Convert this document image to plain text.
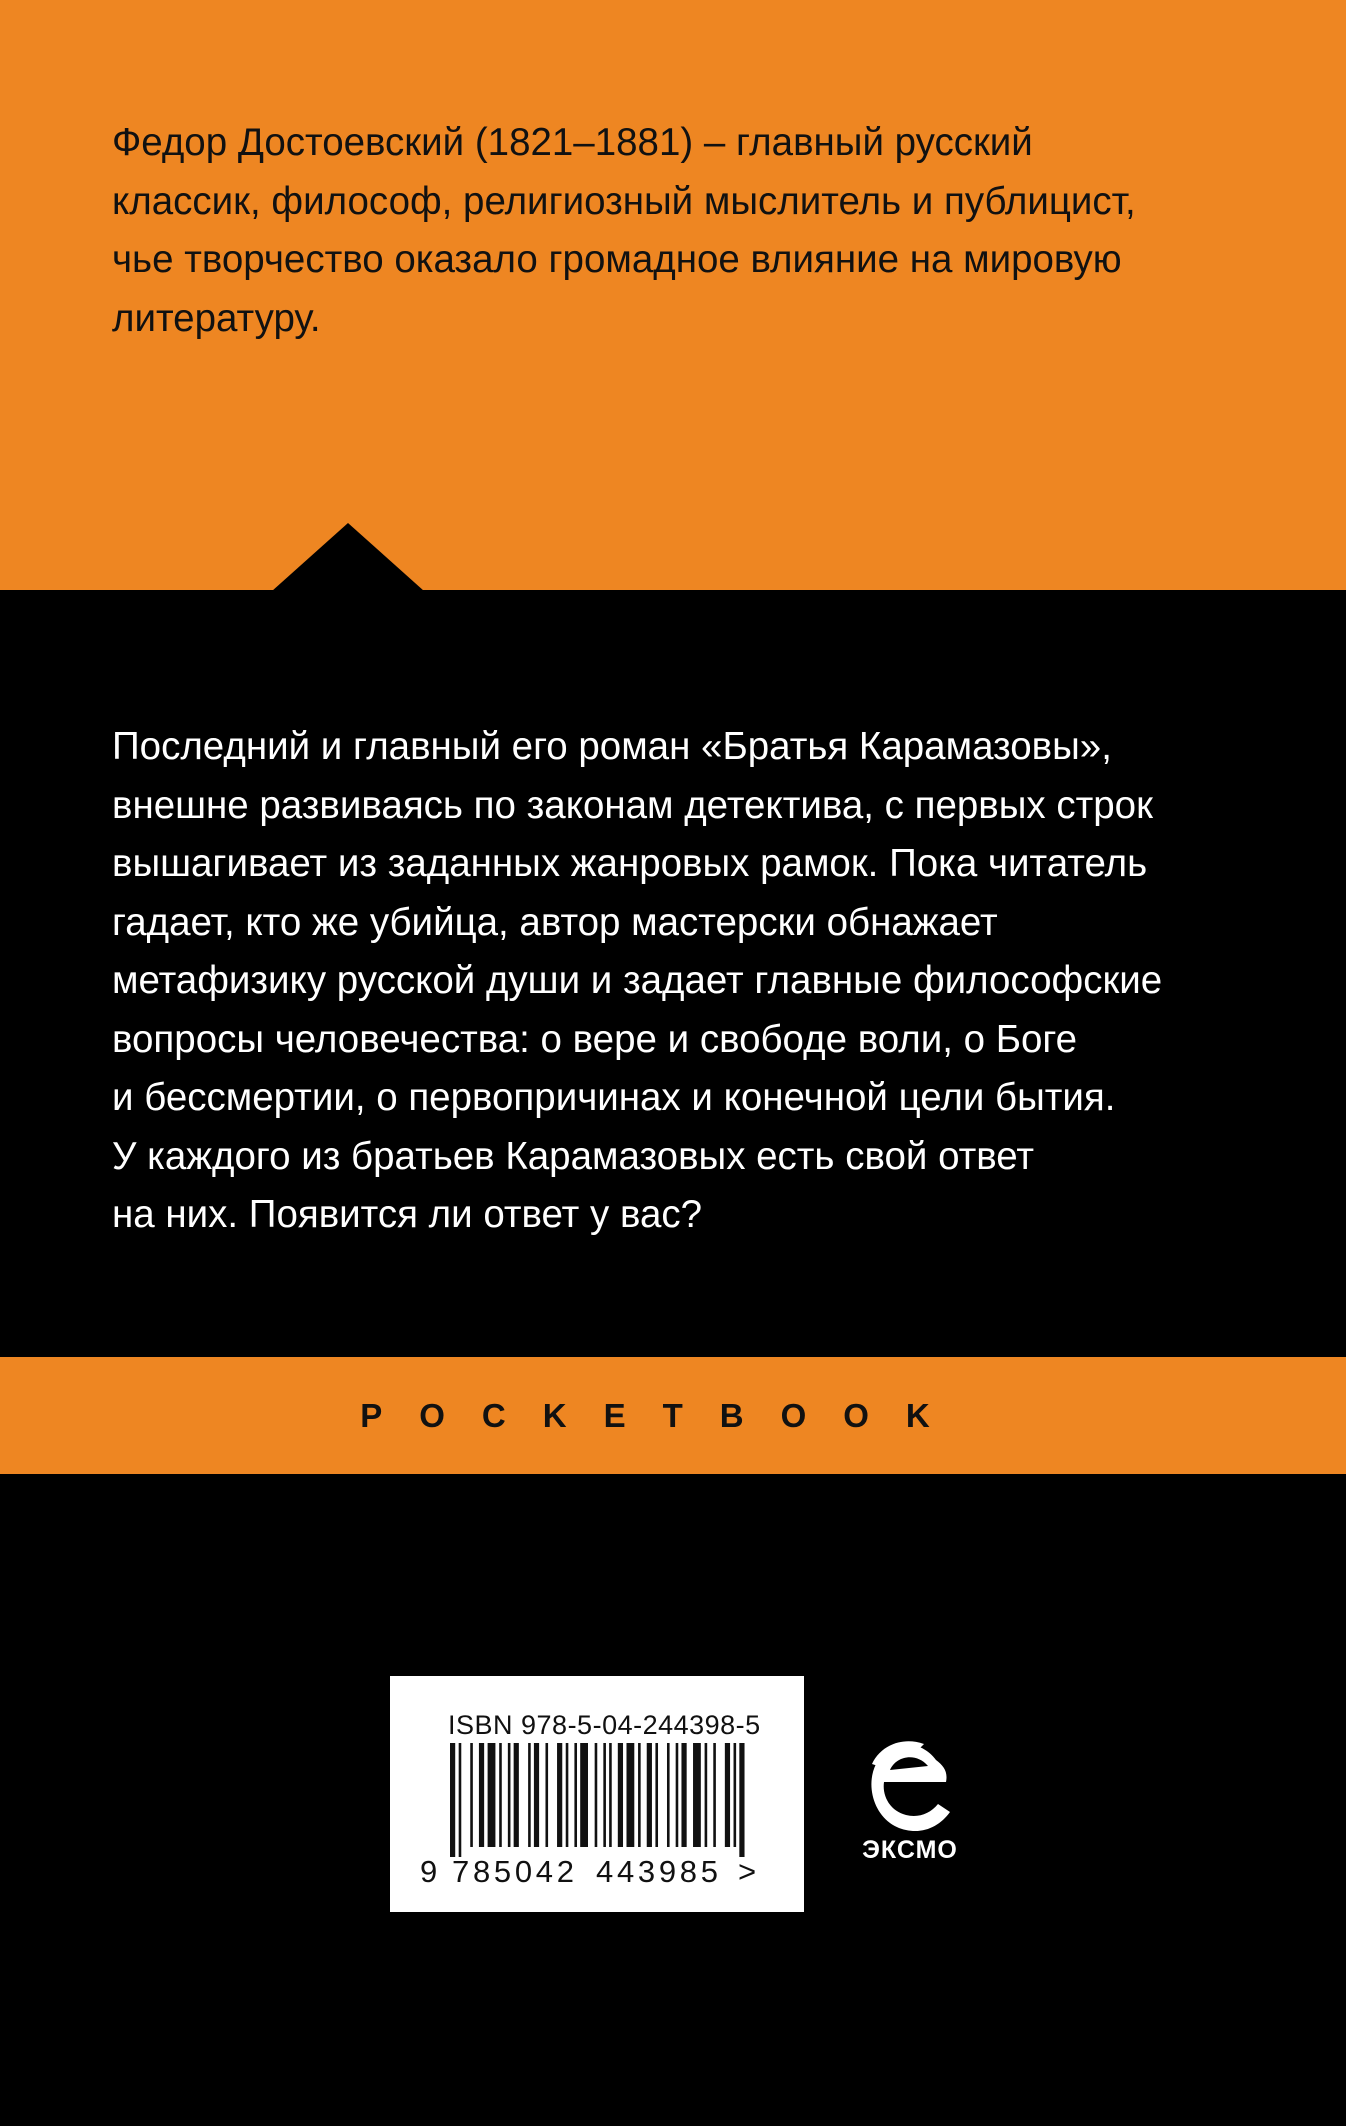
Федор Достоевский (1821–1881) – главный русский
классик, философ, религиозный мыслитель и публицист,
чье творчество оказало громадное влияние на мировую
литературу.

Последний и главный его роман «Братья Карамазовы»,
внешне развиваясь по законам детектива, с первых строк
вышагивает из заданных жанровых рамок. Пока читатель
гадает, кто же убийца, автор мастерски обнажает
метафизику русской души и задает главные философские
вопросы человечества: о вере и свободе воли, о Боге
и бессмертии, о первопричинах и конечной цели бытия.
У каждого из братьев Карамазовых есть свой ответ
на них. Появится ли ответ у вас?

POCKETBOOK
ISBN 978-5-04-244398-5
9 785042 443985 >
ЭКСМО
